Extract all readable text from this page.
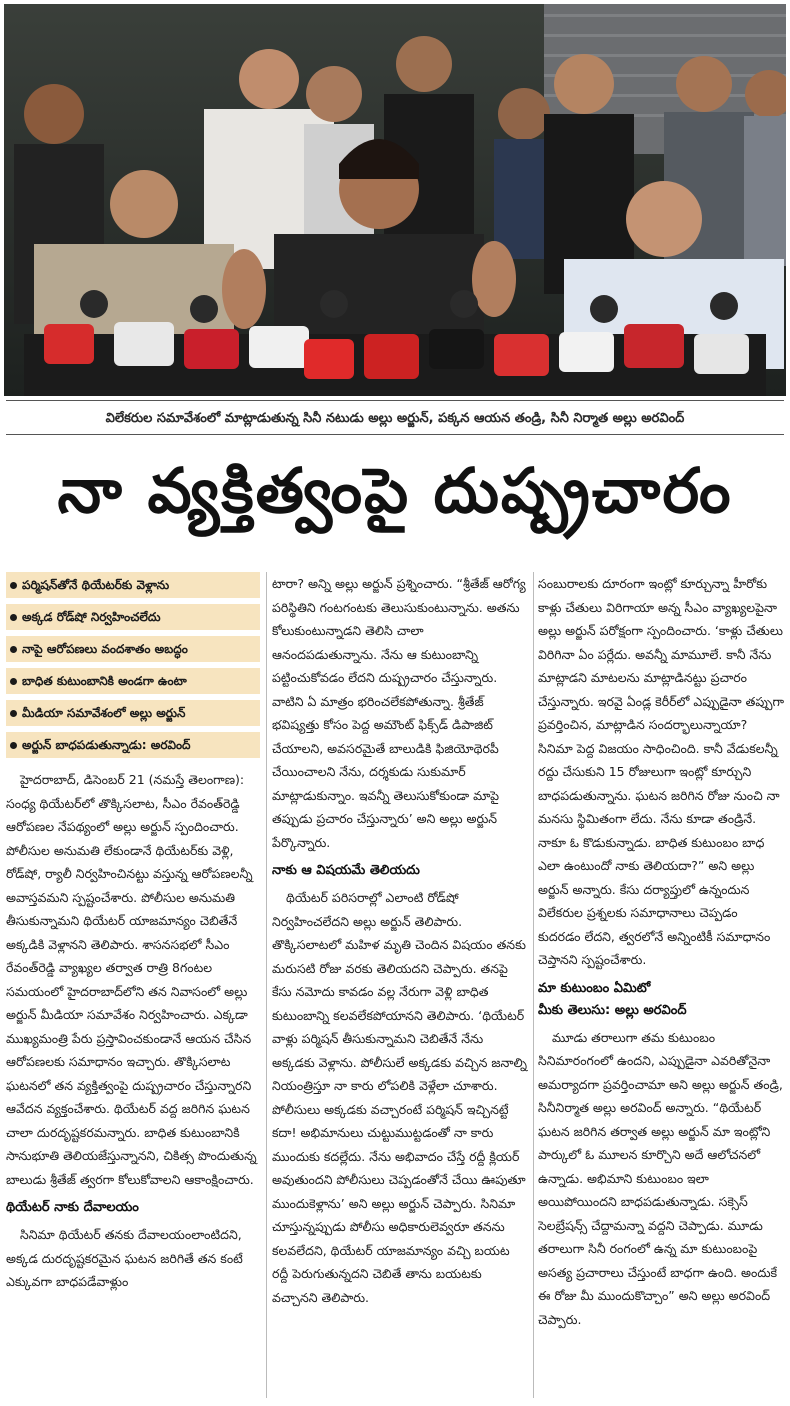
విలేకరుల సమావేశంలో మాట్లాడుతున్న సినీ నటుడు అల్లు అర్జున్, పక్కన ఆయన తండ్రి, సినీ నిర్మాత అల్లు అరవింద్
నా వ్యక్తిత్వంపై దుష్ప్రచారం
పర్మిషన్‌తోనే థియేటర్‌కు వెళ్లాను
అక్కడ రోడ్‌షో నిర్వహించలేదు
నాపై ఆరోపణలు వందశాతం అబద్ధం
బాధిత కుటుంబానికి అండగా ఉంటా
మీడియా సమావేశంలో అల్లు అర్జున్
అర్జున్ బాధపడుతున్నాడు: అరవింద్

హైదరాబాద్, డిసెంబర్ 21 (నమస్తే తెలంగాణ): సంధ్య థియేటర్‌లో తొక్కిసలాట, సీఎం రేవంత్‌రెడ్డి ఆరోపణల నేపథ్యంలో అల్లు అర్జున్ స్పందించారు. పోలీసుల అనుమతి లేకుండానే థియేటర్‌కు వెళ్లి, రోడ్‌షో, ర్యాలీ నిర్వహించినట్టు వస్తున్న ఆరోపణలన్నీ అవాస్తవమని స్పష్టంచేశారు. పోలీసుల అనుమతి తీసుకున్నామని థియేటర్ యాజమాన్యం చెబితేనే అక్కడికి వెళ్లానని తెలిపారు. శాసనసభలో సీఎం రేవంత్‌రెడ్డి వ్యాఖ్యల తర్వాత రాత్రి 8గంటల సమయంలో హైదరాబాద్‌లోని తన నివాసంలో అల్లు అర్జున్ మీడియా సమావేశం నిర్వహించారు. ఎక్కడా ముఖ్యమంత్రి పేరు ప్రస్తావించకుండానే ఆయన చేసిన ఆరోపణలకు సమాధానం ఇచ్చారు. తొక్కిసలాట ఘటనలో తన వ్యక్తిత్వంపై దుష్ప్రచారం చేస్తున్నారని ఆవేదన వ్యక్తంచేశారు. థియేటర్ వద్ద జరిగిన ఘటన చాలా దురదృష్టకరమన్నారు. బాధిత కుటుంబానికి సానుభూతి తెలియజేస్తున్నానని, చికిత్స పొందుతున్న బాలుడు శ్రీతేజ్ త్వరగా కోలుకోవాలని ఆకాంక్షించారు.

థియేటర్ నాకు దేవాలయం

సినిమా థియేటర్ తనకు దేవాలయంలాంటిదని, అక్కడ దురదృష్టకరమైన ఘటన జరిగితే తన కంటే ఎక్కువగా బాధపడేవాళ్లుం

టారా? అన్ని అల్లు అర్జున్ ప్రశ్నించారు. “శ్రీతేజ్ ఆరోగ్య పరిస్థితిని గంటగంటకు తెలుసుకుంటున్నాను. అతను కోలుకుంటున్నాడని తెలిసి చాలా ఆనందపడుతున్నాను. నేను ఆ కుటుంబాన్ని పట్టించుకోవడం లేదని దుష్ప్రచారం చేస్తున్నారు. వాటిని ఏ మాత్రం భరించలేకపోతున్నా. శ్రీతేజ్ భవిష్యత్తు కోసం పెద్ద అమౌంట్ ఫిక్స్‌డ్ డిపాజిట్ చేయాలని, అవసరమైతే బాలుడికి ఫిజియోథెరపీ చేయించాలని నేను, దర్శకుడు సుకుమార్ మాట్లాడుకున్నాం. ఇవన్నీ తెలుసుకోకుండా మాపై తప్పుడు ప్రచారం చేస్తున్నారు’ అని అల్లు అర్జున్ పేర్కొన్నారు.

నాకు ఆ విషయమే తెలియదు

థియేటర్ పరిసరాల్లో ఎలాంటి రోడ్‌షో నిర్వహించలేదని అల్లు అర్జున్ తెలిపారు. తొక్కిసలాటలో మహిళ మృతి చెందిన విషయం తనకు మరుసటి రోజు వరకు తెలియదని చెప్పారు. తనపై కేసు నమోదు కావడం వల్ల నేరుగా వెళ్లి బాధిత కుటుంబాన్ని కలవలేకపోయానని తెలిపారు. ‘థియేటర్ వాళ్లు పర్మిషన్ తీసుకున్నామని చెబితేనే నేను అక్కడకు వెళ్లాను. పోలీసులే అక్కడకు వచ్చిన జనాల్ని నియంత్రిస్తూ నా కారు లోపలికి వెళ్లేలా చూశారు. పోలీసులు అక్కడకు వచ్చారంటే పర్మిషన్ ఇచ్చినట్టే కదా! అభిమానులు చుట్టుముట్టడంతో నా కారు ముందుకు కదల్లేదు. నేను అభివాదం చేస్తే రద్దీ క్లియర్ అవుతుందని పోలీసులు చెప్పడంతోనే చేయి ఊపుతూ ముందుకెళ్లాను’ అని అల్లు అర్జున్ చెప్పారు. సినిమా చూస్తున్నప్పుడు పోలీసు అధికారులెవ్వరూ తనను కలవలేదని, థియేటర్ యాజమాన్యం వచ్చి బయట రద్దీ పెరుగుతున్నదని చెబితే తాను బయటకు వచ్చానని తెలిపారు.

సంబురాలకు దూరంగా ఇంట్లో కూర్చున్నా హీరోకు కాళ్లు చేతులు విరిగాయా అన్న సీఎం వ్యాఖ్యలపైనా అల్లు అర్జున్ పరోక్షంగా స్పందించారు. ‘కాళ్లు చేతులు విరిగినా ఏం పర్లేదు. అవన్నీ మామూలే. కానీ నేను మాట్లాడని మాటలను మాట్లాడినట్టు ప్రచారం చేస్తున్నారు. ఇరవై ఏండ్ల కెరీర్‌లో ఎప్పుడైనా తప్పుగా ప్రవర్తించిన, మాట్లాడిన సందర్భాలున్నాయా? సినిమా పెద్ద విజయం సాధించింది. కానీ వేడుకలన్నీ రద్దు చేసుకుని 15 రోజులుగా ఇంట్లో కూర్చుని బాధపడుతున్నాను. ఘటన జరిగిన రోజు నుంచి నా మనసు స్థిమితంగా లేదు. నేను కూడా తండ్రినే. నాకూ ఓ కొడుకున్నాడు. బాధిత కుటుంబం బాధ ఎలా ఉంటుందో నాకు తెలియదా?” అని అల్లు అర్జున్ అన్నారు. కేసు దర్యాప్తులో ఉన్నందున విలేకరుల ప్రశ్నలకు సమాధానాలు చెప్పడం కుదరడం లేదని, త్వరలోనే అన్నింటికీ సమాధానం చెప్తానని స్పష్టంచేశారు.

మా కుటుంబం ఏమిటో
మీకు తెలుసు: అల్లు అరవింద్

మూడు తరాలుగా తమ కుటుంబం సినిమారంగంలో ఉందని, ఎప్పుడైనా ఎవరితోనైనా అమర్యాదగా ప్రవర్తించామా అని అల్లు అర్జున్ తండ్రి, సినీనిర్మాత అల్లు అరవింద్ అన్నారు. “థియేటర్ ఘటన జరిగిన తర్వాత అల్లు అర్జున్ మా ఇంట్లోని పార్కులో ఓ మూలన కూర్చొని అదే ఆలోచనలో ఉన్నాడు. అభిమాని కుటుంబం ఇలా అయిపోయిందని బాధపడుతున్నాడు. సక్సెస్ సెలబ్రేషన్స్ చేద్దామన్నా వద్దని చెప్పాడు. మూడు తరాలుగా సినీ రంగంలో ఉన్న మా కుటుంబంపై అసత్య ప్రచారాలు చేస్తుంటే బాధగా ఉంది. అందుకే ఈ రోజు మీ ముందుకొచ్చాం” అని అల్లు అరవింద్ చెప్పారు.
